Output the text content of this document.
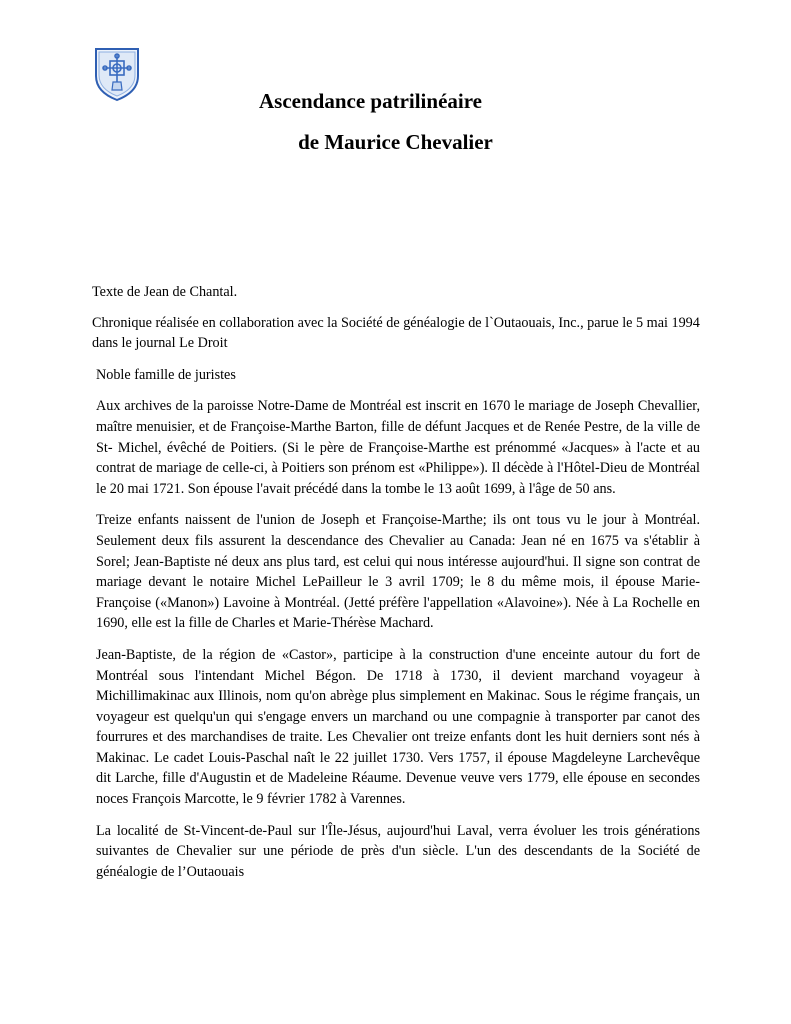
Ascendance patrilinéaire
de Maurice Chevalier

Texte de Jean de Chantal.

Chronique réalisée en collaboration avec la Société de généalogie de l`Outaouais, Inc., parue le 5 mai 1994 dans le journal Le Droit

Noble famille de juristes

Aux archives de la paroisse Notre-Dame de Montréal est inscrit en 1670 le mariage de Joseph Chevallier, maître menuisier, et de Françoise-Marthe Barton, fille de défunt Jacques et de Renée Pestre, de la ville de St- Michel, évêché de Poitiers. (Si le père de Françoise-Marthe est prénommé «Jacques» à l'acte et au contrat de mariage de celle-ci, à Poitiers son prénom est «Philippe»). Il décède à l'Hôtel-Dieu de Montréal le 20 mai 1721. Son épouse l'avait précédé dans la tombe le 13 août 1699, à l'âge de 50 ans.

Treize enfants naissent de l'union de Joseph et Françoise-Marthe; ils ont tous vu le jour à Montréal. Seulement deux fils assurent la descendance des Chevalier au Canada: Jean né en 1675 va s'établir à Sorel; Jean-Baptiste né deux ans plus tard, est celui qui nous intéresse aujourd'hui. Il signe son contrat de mariage devant le notaire Michel LePailleur le 3 avril 1709; le 8 du même mois, il épouse Marie-Françoise («Manon») Lavoine à Montréal. (Jetté préfère l'appellation «Alavoine»). Née à La Rochelle en 1690, elle est la fille de Charles et Marie-Thérèse Machard.

Jean-Baptiste, de la région de «Castor», participe à la construction d'une enceinte autour du fort de Montréal sous l'intendant Michel Bégon. De 1718 à 1730, il devient marchand voyageur à Michillimakinac aux Illinois, nom qu'on abrège plus simplement en Makinac. Sous le régime français, un voyageur est quelqu'un qui s'engage envers un marchand ou une compagnie à transporter par canot des fourrures et des marchandises de traite. Les Chevalier ont treize enfants dont les huit derniers sont nés à Makinac. Le cadet Louis-Paschal naît le 22 juillet 1730. Vers 1757, il épouse Magdeleyne Larchevêque dit Larche, fille d'Augustin et de Madeleine Réaume. Devenue veuve vers 1779, elle épouse en secondes noces François Marcotte, le 9 février 1782 à Varennes.

La localité de St-Vincent-de-Paul sur l'Île-Jésus, aujourd'hui Laval, verra évoluer les trois générations suivantes de Chevalier sur une période de près d'un siècle. L'un des descendants de la Société de généalogie de l’Outaouais
